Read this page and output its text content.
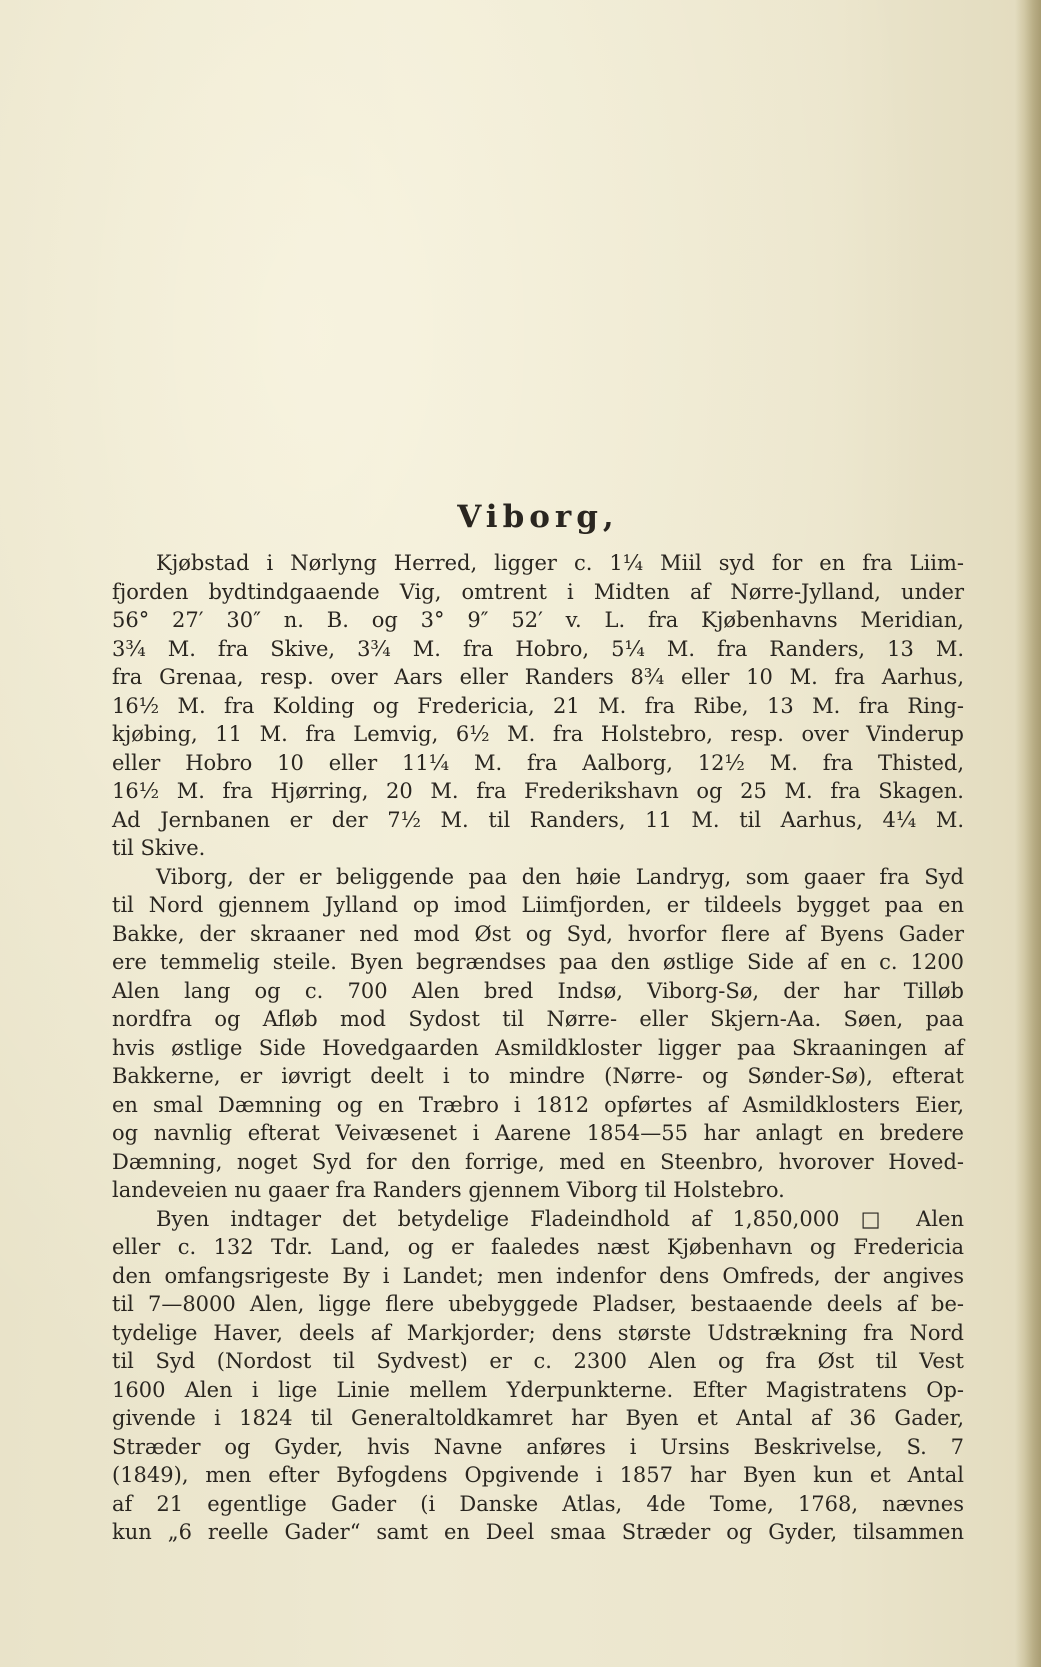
Viborg,
Kjøbstad i Nørlyng Herred, ligger c. 1¼ Miil syd for en fra Liim-
fjorden bydtindgaaende Vig, omtrent i Midten af Nørre-Jylland, under
56° 27′ 30″ n. B. og 3° 9″ 52′ v. L. fra Kjøbenhavns Meridian,
3¾ M. fra Skive, 3¾ M. fra Hobro, 5¼ M. fra Randers, 13 M.
fra Grenaa, resp. over Aars eller Randers 8¾ eller 10 M. fra Aarhus,
16½ M. fra Kolding og Fredericia, 21 M. fra Ribe, 13 M. fra Ring-
kjøbing, 11 M. fra Lemvig, 6½ M. fra Holstebro, resp. over Vinderup
eller Hobro 10 eller 11¼ M. fra Aalborg, 12½ M. fra Thisted,
16½ M. fra Hjørring, 20 M. fra Frederikshavn og 25 M. fra Skagen.
Ad Jernbanen er der 7½ M. til Randers, 11 M. til Aarhus, 4¼ M.
til Skive.
Viborg, der er beliggende paa den høie Landryg, som gaaer fra Syd
til Nord gjennem Jylland op imod Liimfjorden, er tildeels bygget paa en
Bakke, der skraaner ned mod Øst og Syd, hvorfor flere af Byens Gader
ere temmelig steile. Byen begrændses paa den østlige Side af en c. 1200
Alen lang og c. 700 Alen bred Indsø, Viborg-Sø, der har Tilløb
nordfra og Afløb mod Sydost til Nørre- eller Skjern-Aa. Søen, paa
hvis østlige Side Hovedgaarden Asmildkloster ligger paa Skraaningen af
Bakkerne, er iøvrigt deelt i to mindre (Nørre- og Sønder-Sø), efterat
en smal Dæmning og en Træbro i 1812 opførtes af Asmildklosters Eier,
og navnlig efterat Veivæsenet i Aarene 1854—55 har anlagt en bredere
Dæmning, noget Syd for den forrige, med en Steenbro, hvorover Hoved-
landeveien nu gaaer fra Randers gjennem Viborg til Holstebro.
Byen indtager det betydelige Fladeindhold af 1,850,000 □ Alen
eller c. 132 Tdr. Land, og er faaledes næst Kjøbenhavn og Fredericia
den omfangsrigeste By i Landet; men indenfor dens Omfreds, der angives
til 7—8000 Alen, ligge flere ubebyggede Pladser, bestaaende deels af be-
tydelige Haver, deels af Markjorder; dens største Udstrækning fra Nord
til Syd (Nordost til Sydvest) er c. 2300 Alen og fra Øst til Vest
1600 Alen i lige Linie mellem Yderpunkterne. Efter Magistratens Op-
givende i 1824 til Generaltoldkamret har Byen et Antal af 36 Gader,
Stræder og Gyder, hvis Navne anføres i Ursins Beskrivelse, S. 7
(1849), men efter Byfogdens Opgivende i 1857 har Byen kun et Antal
af 21 egentlige Gader (i Danske Atlas, 4de Tome, 1768, nævnes
kun „6 reelle Gader“ samt en Deel smaa Stræder og Gyder, tilsammen
